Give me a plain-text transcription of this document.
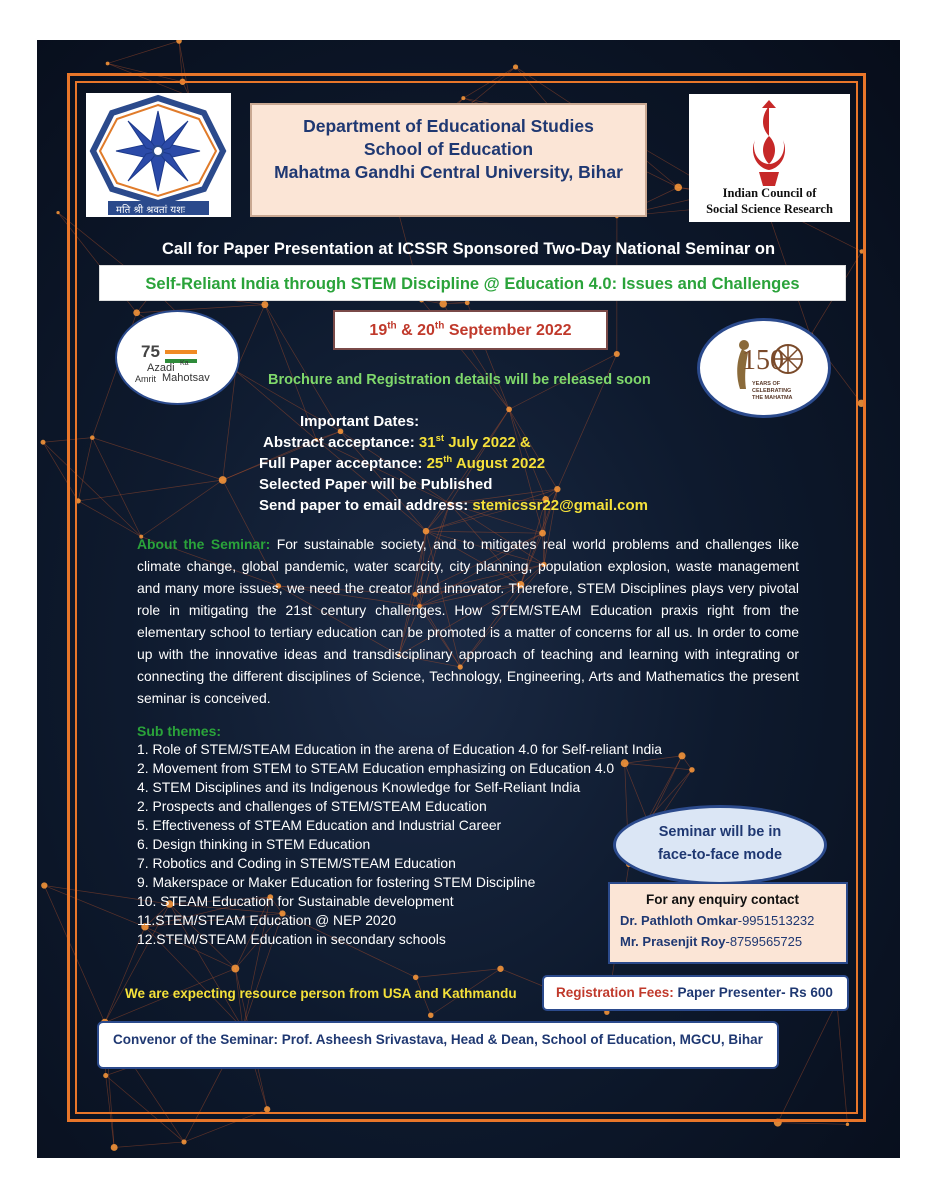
मति श्री श्रवतां यशः
Department of Educational Studies
School of Education
Mahatma Gandhi Central University, Bihar
Indian Council of
Social Science Research
Call for Paper Presentation at ICSSR Sponsored Two-Day National Seminar on
Self-Reliant India through STEM Discipline @ Education 4.0: Issues and Challenges
75
Azadi Ka
Amrit Mahotsav
19th & 20th September 2022
150
YEARS OF
CELEBRATING
THE MAHATMA
Brochure and Registration details will be released soon
Important Dates:
Abstract acceptance: 31st July 2022 &
Full Paper acceptance: 25th August 2022
Selected Paper will be Published
Send paper to email address: stemicssr22@gmail.com
About the Seminar: For sustainable society, and to mitigates real world problems and challenges like climate change, global pandemic, water scarcity, city planning, population explosion, waste management and many more issues, we need the creator and innovator. Therefore, STEM Disciplines plays very pivotal role in mitigating the 21st century challenges. How STEM/STEAM Education praxis right from the elementary school to tertiary education can be promoted is a matter of concerns for all us. In order to come up with the innovative ideas and transdisciplinary approach of teaching and learning with integrating or connecting the different disciplines of Science, Technology, Engineering, Arts and Mathematics the present seminar is conceived.
Sub themes:
1. Role of STEM/STEAM Education in the arena of Education 4.0 for Self-reliant India
2. Movement from STEM to STEAM Education emphasizing on Education 4.0
4. STEM Disciplines and its Indigenous Knowledge for Self-Reliant India
2. Prospects and challenges of STEM/STEAM Education
5. Effectiveness of STEAM Education and Industrial Career
6. Design thinking in STEM Education
7. Robotics and Coding in STEM/STEAM Education
9. Makerspace or Maker Education for fostering STEM Discipline
10. STEAM Education for Sustainable development
11.STEM/STEAM Education @ NEP 2020
12.STEM/STEAM Education in secondary schools
Seminar will be in
face-to-face mode
For any enquiry contact
Dr. Pathloth Omkar-9951513232
Mr. Prasenjit Roy-8759565725
We are expecting resource person from USA and Kathmandu	Registration Fees: Paper Presenter- Rs 600
Convenor of the Seminar: Prof. Asheesh Srivastava, Head & Dean, School of Education, MGCU, Bihar
